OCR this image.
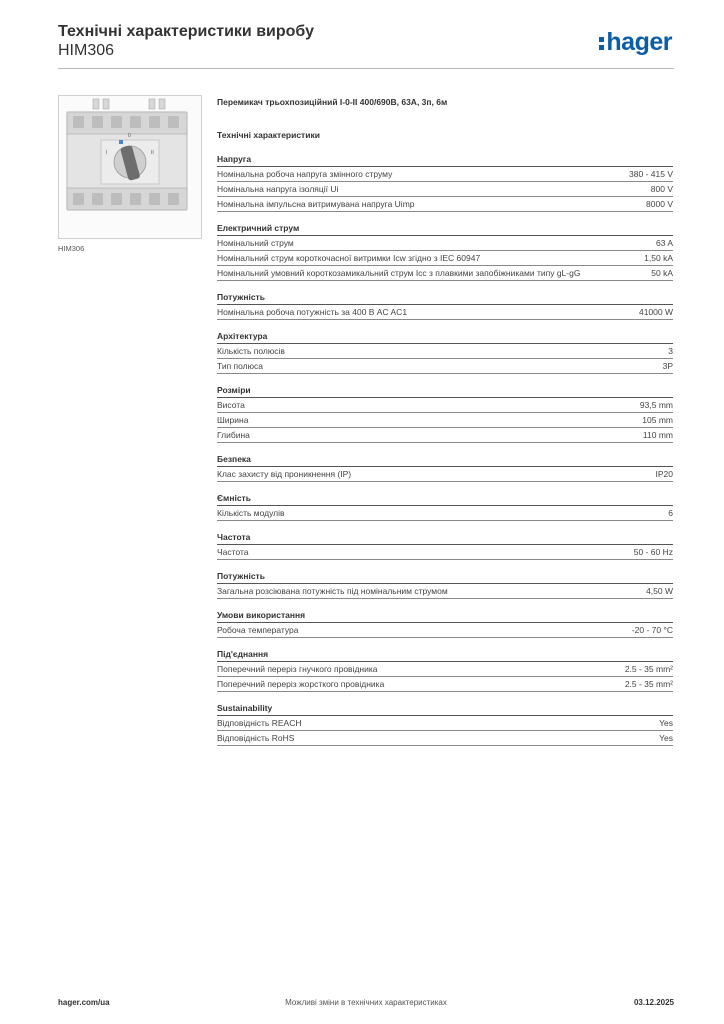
Технічні характеристики виробу
HIM306	hager
I	II
0
HIM306
Перемикач трьохпозиційний I-0-II 400/690В, 63А, 3п, 6м
Технічні характеристики
Напруга
Номінальна робоча напруга змінного струму	380 - 415 V
Номінальна напруга ізоляції Ui	800 V
Номінальна імпульсна витримувана напруга Uimp	8000 V
Електричний струм
Номінальний струм	63 A
Номінальний струм короткочасної витримки Icw згідно з IEC 60947	1,50 kA
Номінальний умовний короткозамикальний струм Icc з плавкими запобіжниками типу gL-gG	50 kA
Потужність
Номінальна робоча потужність за 400 В AC AC1	41000 W
Архітектура
Кількість полюсів	3
Тип полюса	3P
Розміри
Висота	93,5 mm
Ширина	105 mm
Глибина	110 mm
Безпека
Клас захисту від проникнення (IP)	IP20
Ємність
Кількість модулів	6
Частота
Частота	50 - 60 Hz
Потужність
Загальна розсіювана потужність під номінальним струмом	4,50 W
Умови використання
Робоча температура	-20 - 70 °C
Під'єднання
Поперечний переріз гнучкого провідника	2.5 - 35 mm²
Поперечний переріз жорсткого провідника	2.5 - 35 mm²
Sustainability
Відповідність REACH	Yes
Відповідність RoHS	Yes
hager.com/ua	Можливі зміни в технічних характеристиках	03.12.2025
